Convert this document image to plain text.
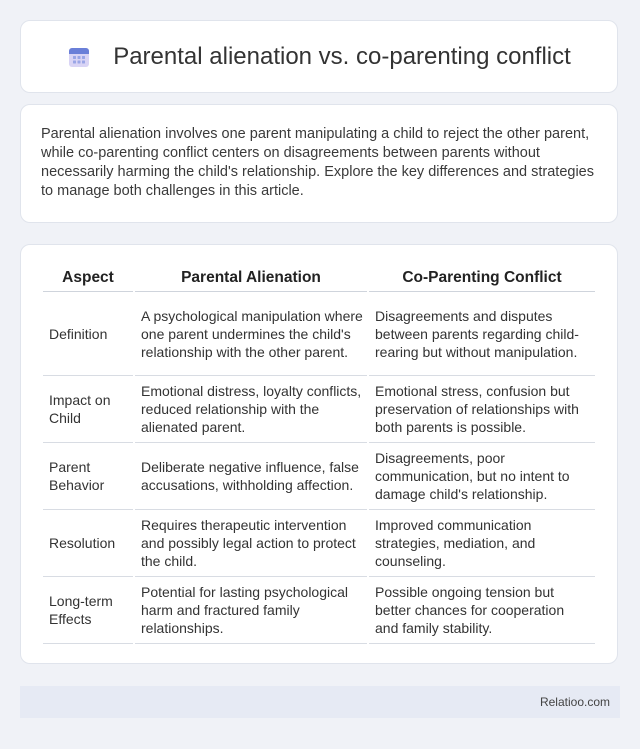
Parental alienation vs. co-parenting conflict

Parental alienation involves one parent manipulating a child to reject the other parent, while co-parenting conflict centers on disagreements between parents without necessarily harming the child's relationship. Explore the key differences and strategies to manage both challenges in this article.

Aspect	Parental Alienation	Co-Parenting Conflict
Definition	A psychological manipulation where one parent undermines the child's relationship with the other parent.	Disagreements and disputes between parents regarding child-rearing but without manipulation.
Impact on Child	Emotional distress, loyalty conflicts, reduced relationship with the alienated parent.	Emotional stress, confusion but preservation of relationships with both parents is possible.
Parent Behavior	Deliberate negative influence, false accusations, withholding affection.	Disagreements, poor communication, but no intent to damage child's relationship.
Resolution	Requires therapeutic intervention and possibly legal action to protect the child.	Improved communication strategies, mediation, and counseling.
Long-term Effects	Potential for lasting psychological harm and fractured family relationships.	Possible ongoing tension but better chances for cooperation and family stability.
Relatioo.com
